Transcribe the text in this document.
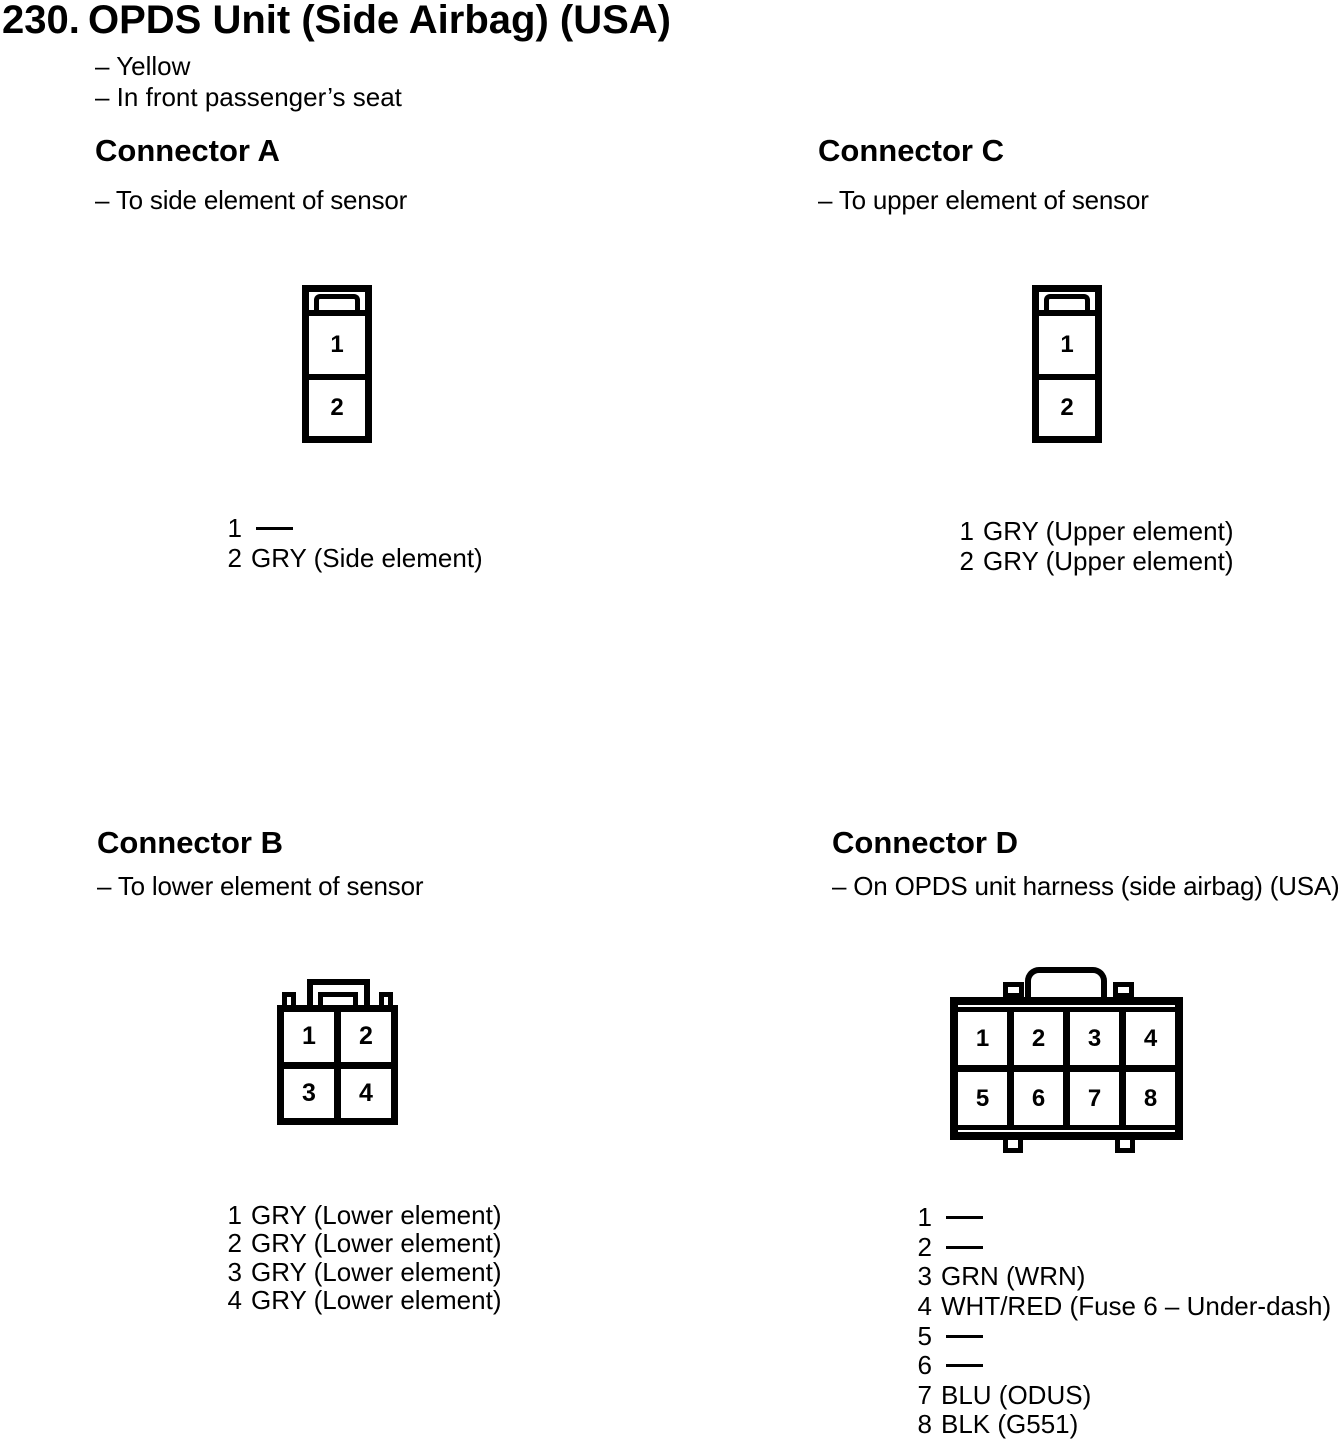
230. OPDS Unit (Side Airbag) (USA)
– Yellow
– In front passenger’s seat
Connector A
– To side element of sensor
1
2
1
2 GRY (Side element)
Connector C
– To upper element of sensor
1
2
1 GRY (Upper element)
2 GRY (Upper element)
Connector B
– To lower element of sensor
1	2
3	4
1 GRY (Lower element)
2 GRY (Lower element)
3 GRY (Lower element)
4 GRY (Lower element)
Connector D
– On OPDS unit harness (side airbag) (USA)
1	2	3	4
5	6	7	8
1
2
3 GRN (WRN)
4 WHT/RED (Fuse 6 – Under-dash)
5
6
7 BLU (ODUS)
8 BLK (G551)
